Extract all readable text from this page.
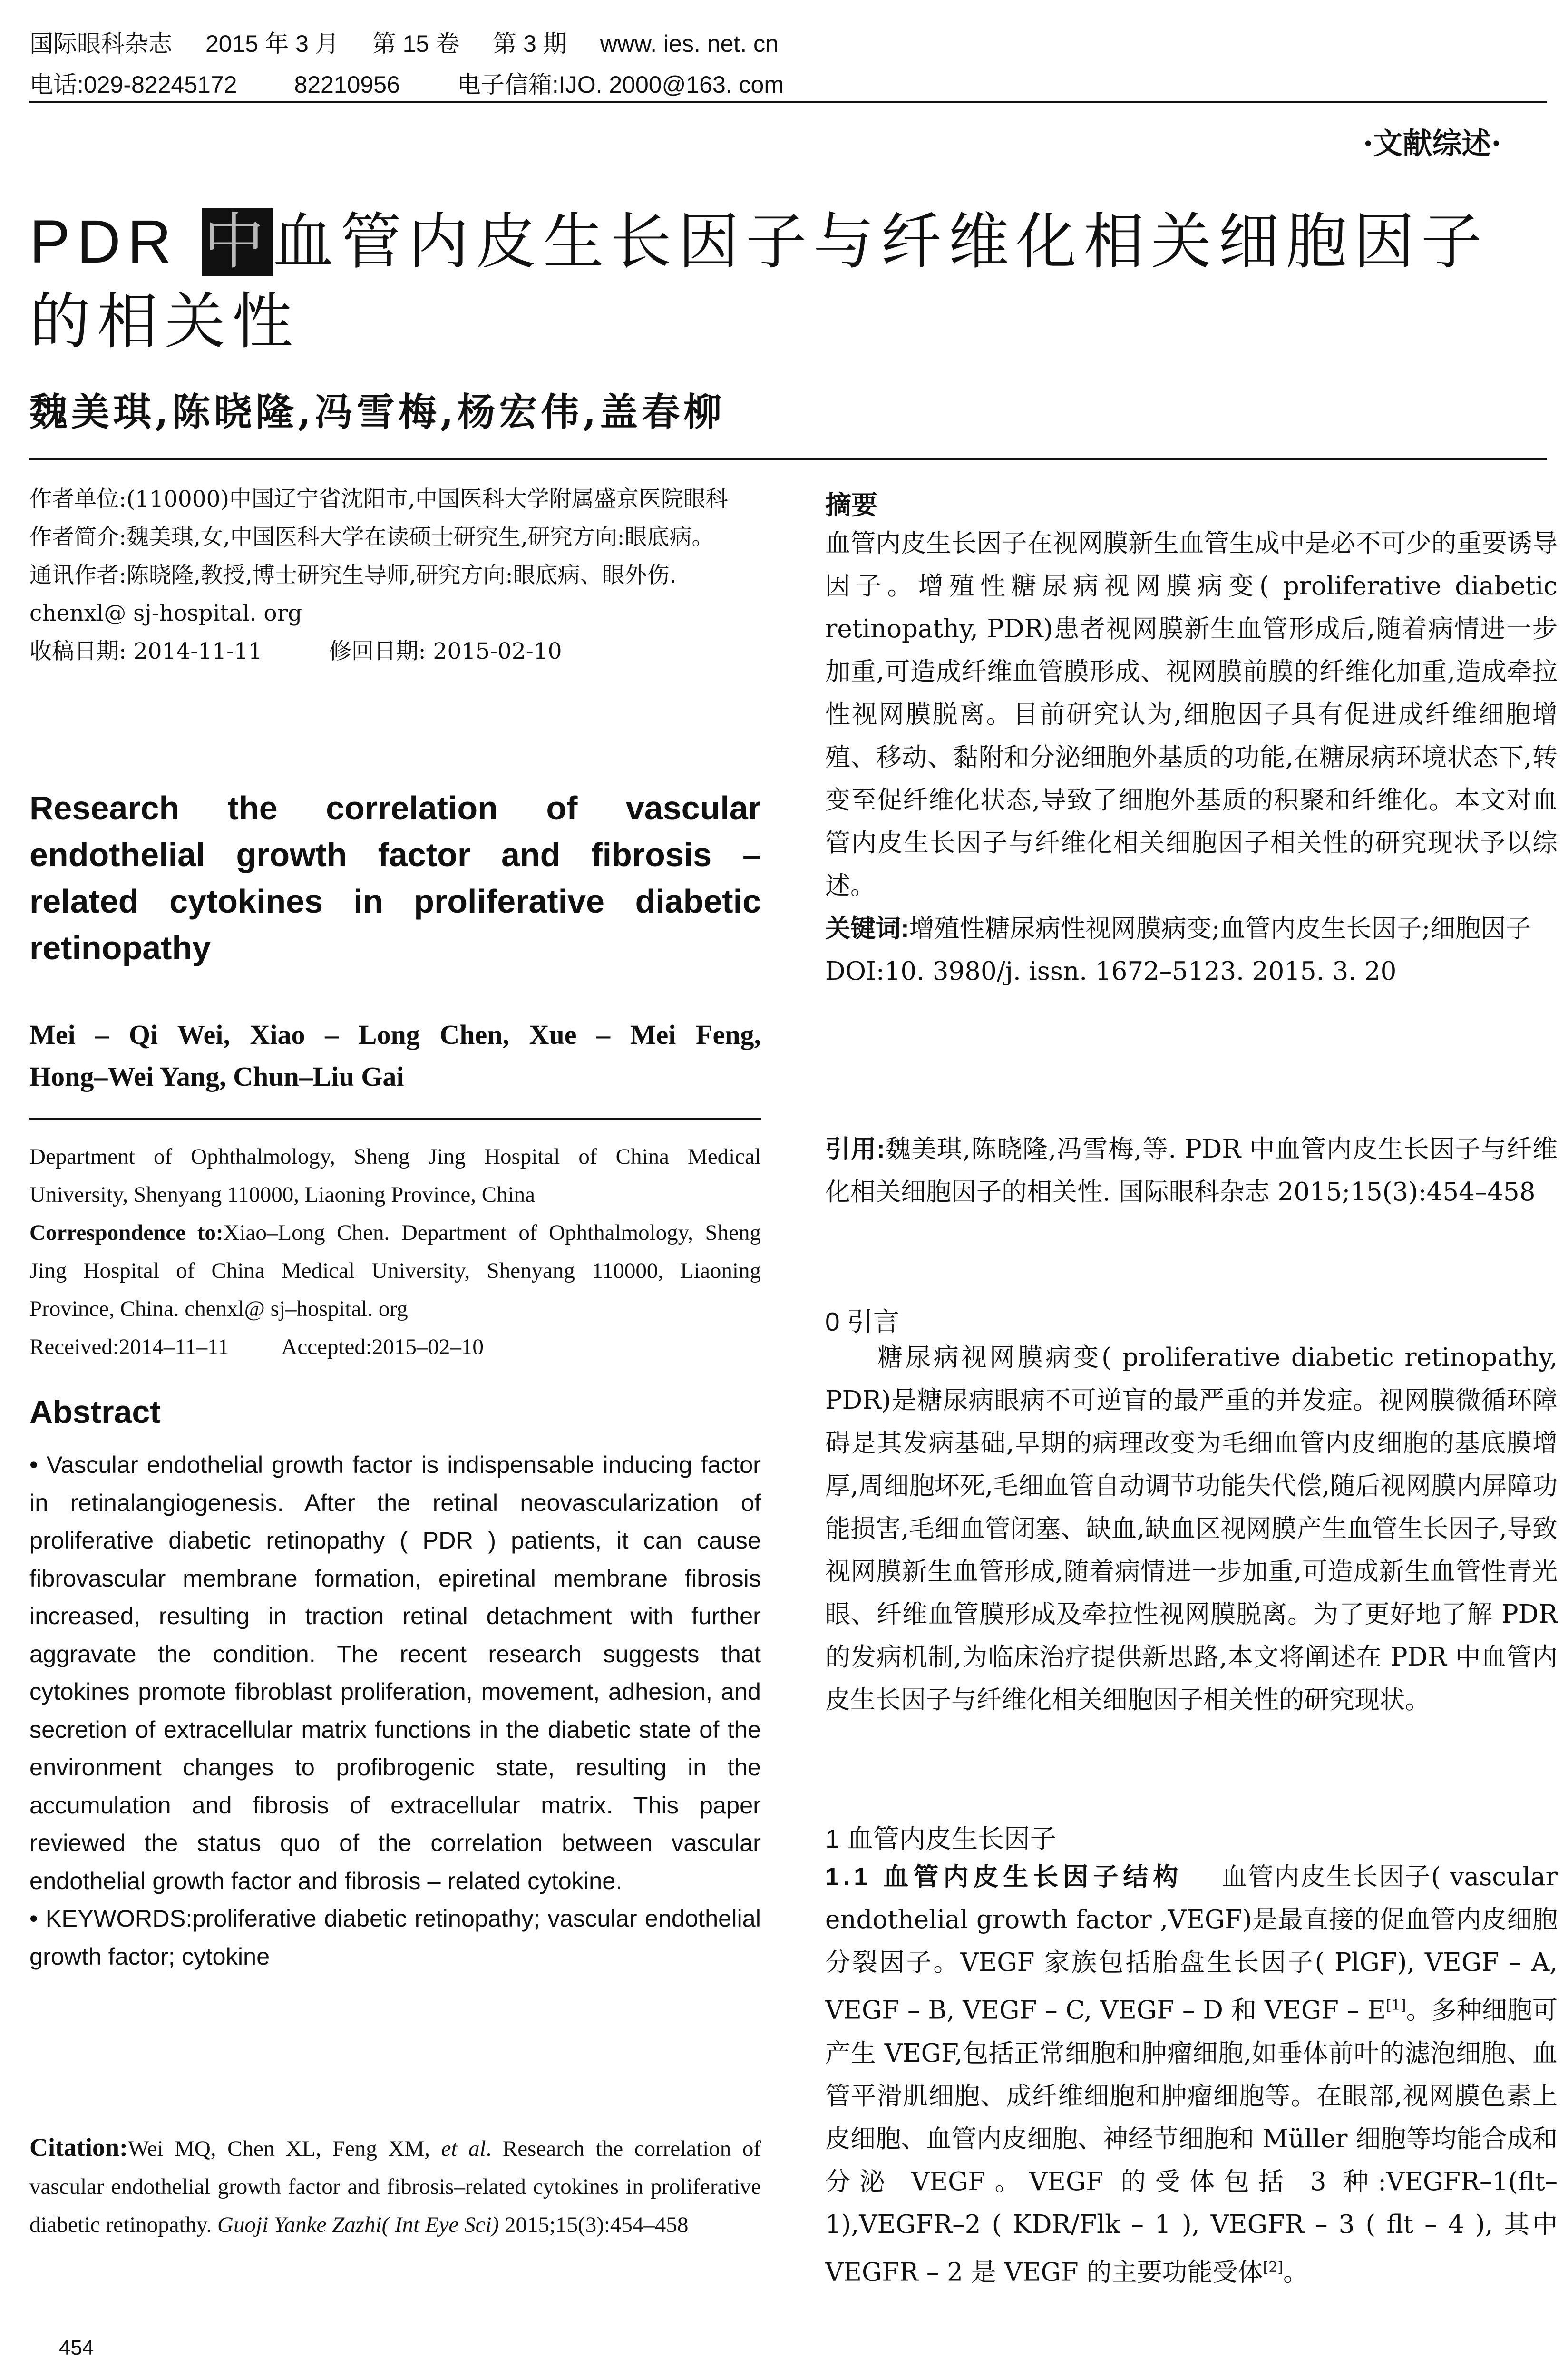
国际眼科杂志 2015 年 3 月 第 15 卷 第 3 期 www. ies. net. cn
电话:029-82245172 82210956 电子信箱:IJO. 2000@163. com
·文献综述·
PDR 中血管内皮生长因子与纤维化相关细胞因子的相关性
魏美琪,陈晓隆,冯雪梅,杨宏伟,盖春柳
作者单位:(110000)中国辽宁省沈阳市,中国医科大学附属盛京医院眼科
作者简介:魏美琪,女,中国医科大学在读硕士研究生,研究方向:眼底病。
通讯作者:陈晓隆,教授,博士研究生导师,研究方向:眼底病、眼外伤. chenxl@ sj-hospital. org
收稿日期: 2014-11-11	修回日期: 2015-02-10
Research the correlation of vascular endothelial growth factor and fibrosis – related cytokines in proliferative diabetic retinopathy
Mei – Qi Wei, Xiao – Long Chen, Xue – Mei Feng,
Hong–Wei Yang, Chun–Liu Gai
Department of Ophthalmology, Sheng Jing Hospital of China Medical University, Shenyang 110000, Liaoning Province, China
Correspondence to:Xiao–Long Chen. Department of Ophthalmology, Sheng Jing Hospital of China Medical University, Shenyang 110000, Liaoning Province, China. chenxl@ sj–hospital. org
Received:2014–11–11 Accepted:2015–02–10
Abstract
• Vascular endothelial growth factor is indispensable inducing factor in retinalangiogenesis. After the retinal neovascularization of proliferative diabetic retinopathy ( PDR ) patients, it can cause fibrovascular membrane formation, epiretinal membrane fibrosis increased, resulting in traction retinal detachment with further aggravate the condition. The recent research suggests that cytokines promote fibroblast proliferation, movement, adhesion, and secretion of extracellular matrix functions in the diabetic state of the environment changes to profibrogenic state, resulting in the accumulation and fibrosis of extracellular matrix. This paper reviewed the status quo of the correlation between vascular endothelial growth factor and fibrosis – related cytokine.
• KEYWORDS:proliferative diabetic retinopathy; vascular endothelial growth factor; cytokine
Citation:Wei MQ, Chen XL, Feng XM, et al. Research the correlation of vascular endothelial growth factor and fibrosis–related cytokines in proliferative diabetic retinopathy. Guoji Yanke Zazhi( Int Eye Sci) 2015;15(3):454–458
摘要
血管内皮生长因子在视网膜新生血管生成中是必不可少的重要诱导因子。增殖性糖尿病视网膜病变( proliferative diabetic retinopathy, PDR)患者视网膜新生血管形成后,随着病情进一步加重,可造成纤维血管膜形成、视网膜前膜的纤维化加重,造成牵拉性视网膜脱离。目前研究认为,细胞因子具有促进成纤维细胞增殖、移动、黏附和分泌细胞外基质的功能,在糖尿病环境状态下,转变至促纤维化状态,导致了细胞外基质的积聚和纤维化。本文对血管内皮生长因子与纤维化相关细胞因子相关性的研究现状予以综述。
关键词:增殖性糖尿病性视网膜病变;血管内皮生长因子;细胞因子
DOI:10. 3980/j. issn. 1672–5123. 2015. 3. 20
引用:魏美琪,陈晓隆,冯雪梅,等. PDR 中血管内皮生长因子与纤维化相关细胞因子的相关性. 国际眼科杂志 2015;15(3):454–458
0 引言
糖尿病视网膜病变( proliferative diabetic retinopathy, PDR)是糖尿病眼病不可逆盲的最严重的并发症。视网膜微循环障碍是其发病基础,早期的病理改变为毛细血管内皮细胞的基底膜增厚,周细胞坏死,毛细血管自动调节功能失代偿,随后视网膜内屏障功能损害,毛细血管闭塞、缺血,缺血区视网膜产生血管生长因子,导致视网膜新生血管形成,随着病情进一步加重,可造成新生血管性青光眼、纤维血管膜形成及牵拉性视网膜脱离。为了更好地了解 PDR 的发病机制,为临床治疗提供新思路,本文将阐述在 PDR 中血管内皮生长因子与纤维化相关细胞因子相关性的研究现状。
1 血管内皮生长因子
1.1 血管内皮生长因子结构 血管内皮生长因子( vascular endothelial growth factor ,VEGF)是最直接的促血管内皮细胞分裂因子。VEGF 家族包括胎盘生长因子( PlGF), VEGF – A, VEGF – B, VEGF – C, VEGF – D 和 VEGF – E[1]。多种细胞可产生 VEGF,包括正常细胞和肿瘤细胞,如垂体前叶的滤泡细胞、血管平滑肌细胞、成纤维细胞和肿瘤细胞等。在眼部,视网膜色素上皮细胞、血管内皮细胞、神经节细胞和 Müller 细胞等均能合成和分泌 VEGF。VEGF 的受体包括 3 种:VEGFR–1(flt–1),VEGFR–2 ( KDR/Flk – 1 ), VEGFR – 3 ( flt – 4 ), 其中 VEGFR – 2 是 VEGF 的主要功能受体[2]。
454
